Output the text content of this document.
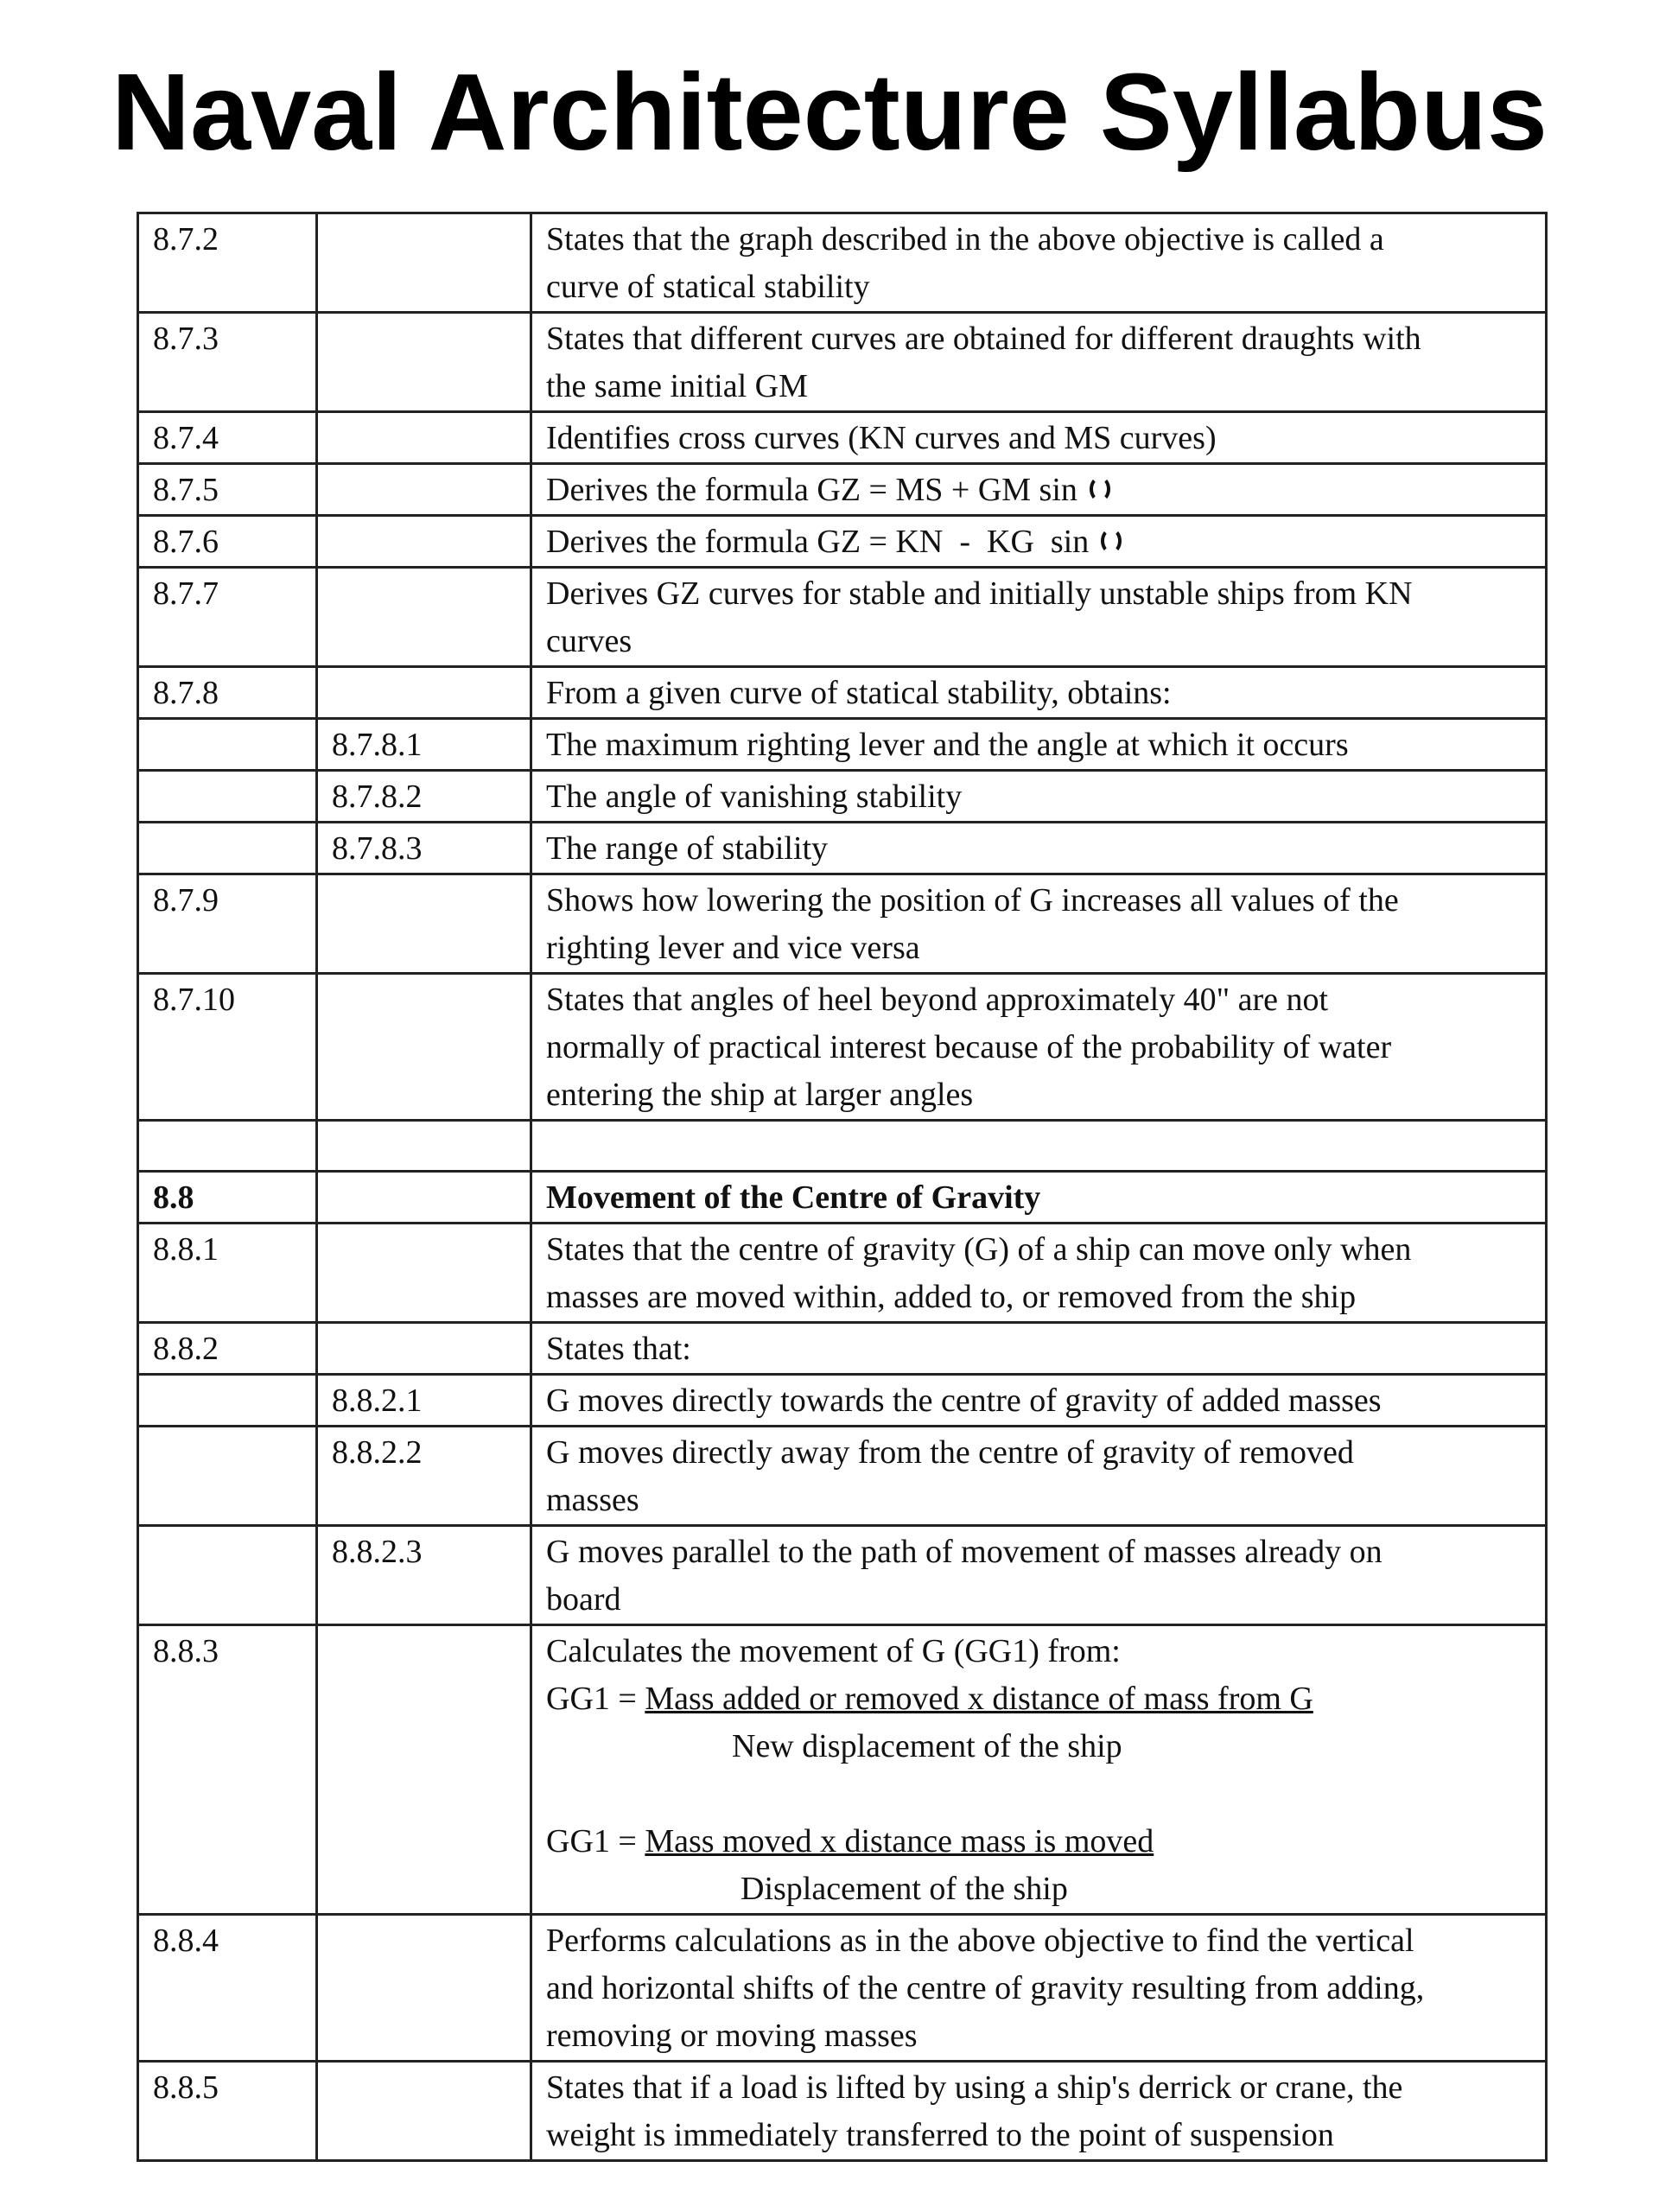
Naval Architecture Syllabus
8.7.2		States that the graph described in the above objective is called a
curve of statical stability

8.7.3		States that different curves are obtained for different draughts with
the same initial GM

8.7.4		Identifies cross curves (KN curves and MS curves)

8.7.5		Derives the formula GZ = MS + GM sin

8.7.6		Derives the formula GZ = KN  -  KG  sin

8.7.7		Derives GZ curves for stable and initially unstable ships from KN
curves

8.7.8		From a given curve of statical stability, obtains:

	8.7.8.1	The maximum righting lever and the angle at which it occurs

	8.7.8.2	The angle of vanishing stability

	8.7.8.3	The range of stability

8.7.9		Shows how lowering the position of G increases all values of the
righting lever and vice versa

8.7.10		States that angles of heel beyond approximately 40" are not
normally of practical interest because of the probability of water
entering the ship at larger angles

8.8		Movement of the Centre of Gravity

8.8.1		States that the centre of gravity (G) of a ship can move only when
masses are moved within, added to, or removed from the ship

8.8.2		States that:

	8.8.2.1	G moves directly towards the centre of gravity of added masses

	8.8.2.2	G moves directly away from the centre of gravity of removed
masses

	8.8.2.3	G moves parallel to the path of movement of masses already on
board

8.8.3		Calculates the movement of G (GG1) from:
GG1 = Mass added or removed x distance of mass from G
New displacement of the ship
GG1 = Mass moved x distance mass is moved
Displacement of the ship

8.8.4		Performs calculations as in the above objective to find the vertical
and horizontal shifts of the centre of gravity resulting from adding,
removing or moving masses

8.8.5		States that if a load is lifted by using a ship's derrick or crane, the
weight is immediately transferred to the point of suspension
